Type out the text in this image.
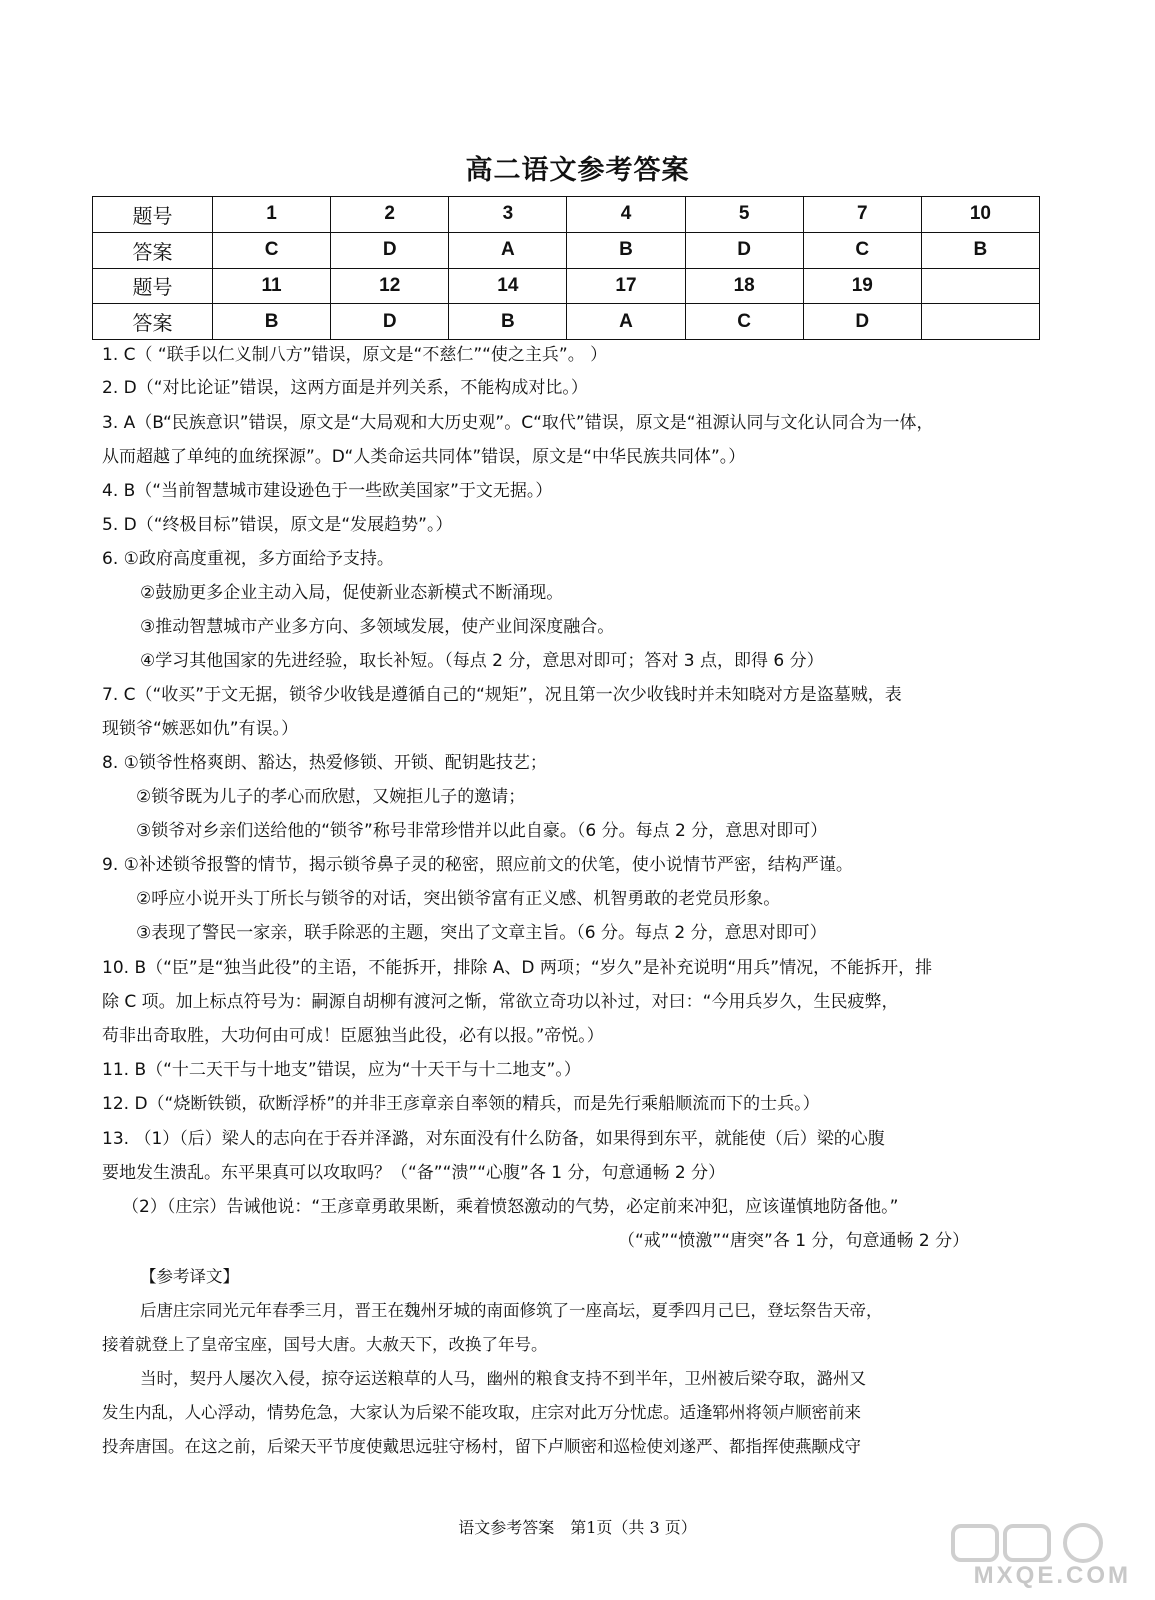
高二语文参考答案
题号	1	2	3	4	5	7	10
答案	C	D	A	B	D	C	B
题号	11	12	14	17	18	19	
答案	B	D	B	A	C	D	
1. C（ “联手以仁义制八方”错误，原文是“不慈仁”“使之主兵”。 ）
2. D（“对比论证”错误，这两方面是并列关系，不能构成对比。）
3. A（B“民族意识”错误，原文是“大局观和大历史观”。C“取代”错误，原文是“祖源认同与文化认同合为一体，
从而超越了单纯的血统探源”。D“人类命运共同体”错误，原文是“中华民族共同体”。）
4. B（“当前智慧城市建设逊色于一些欧美国家”于文无据。）
5. D（“终极目标”错误，原文是“发展趋势”。）
6. ①政府高度重视，多方面给予支持。
②鼓励更多企业主动入局，促使新业态新模式不断涌现。
③推动智慧城市产业多方向、多领域发展，使产业间深度融合。
④学习其他国家的先进经验，取长补短。（每点 2 分，意思对即可；答对 3 点，即得 6 分）
7. C（“收买”于文无据，锁爷少收钱是遵循自己的“规矩”，况且第一次少收钱时并未知晓对方是盗墓贼，表
现锁爷“嫉恶如仇”有误。）
8. ①锁爷性格爽朗、豁达，热爱修锁、开锁、配钥匙技艺；
②锁爷既为儿子的孝心而欣慰，又婉拒儿子的邀请；
③锁爷对乡亲们送给他的“锁爷”称号非常珍惜并以此自豪。（6 分。每点 2 分，意思对即可）
9. ①补述锁爷报警的情节，揭示锁爷鼻子灵的秘密，照应前文的伏笔，使小说情节严密，结构严谨。
②呼应小说开头丁所长与锁爷的对话，突出锁爷富有正义感、机智勇敢的老党员形象。
③表现了警民一家亲，联手除恶的主题，突出了文章主旨。（6 分。每点 2 分，意思对即可）
10. B（“臣”是“独当此役”的主语，不能拆开，排除 A、D 两项；“岁久”是补充说明“用兵”情况，不能拆开，排
除 C 项。加上标点符号为：嗣源自胡柳有渡河之惭，常欲立奇功以补过，对曰：“今用兵岁久，生民疲弊，
苟非出奇取胜，大功何由可成！臣愿独当此役，必有以报。”帝悦。）
11. B（“十二天干与十地支”错误，应为“十天干与十二地支”。）
12. D（“烧断铁锁，砍断浮桥”的并非王彦章亲自率领的精兵，而是先行乘船顺流而下的士兵。）
13. （1）（后）梁人的志向在于吞并泽潞，对东面没有什么防备，如果得到东平，就能使（后）梁的心腹
要地发生溃乱。东平果真可以攻取吗？（“备”“溃”“心腹”各 1 分，句意通畅 2 分）
（2）（庄宗）告诫他说：“王彦章勇敢果断，乘着愤怒激动的气势，必定前来冲犯，应该谨慎地防备他。”
（“戒”“愤激”“唐突”各 1 分，句意通畅 2 分）
【参考译文】
后唐庄宗同光元年春季三月，晋王在魏州牙城的南面修筑了一座高坛，夏季四月己巳，登坛祭告天帝，
接着就登上了皇帝宝座，国号大唐。大赦天下，改换了年号。
当时，契丹人屡次入侵，掠夺运送粮草的人马，幽州的粮食支持不到半年，卫州被后梁夺取，潞州又
发生内乱，人心浮动，情势危急，大家认为后梁不能攻取，庄宗对此万分忧虑。适逢郓州将领卢顺密前来
投奔唐国。在这之前，后梁天平节度使戴思远驻守杨村，留下卢顺密和巡检使刘遂严、都指挥使燕颙戍守
语文参考答案　第1页（共 3 页）
MXQE.COM
